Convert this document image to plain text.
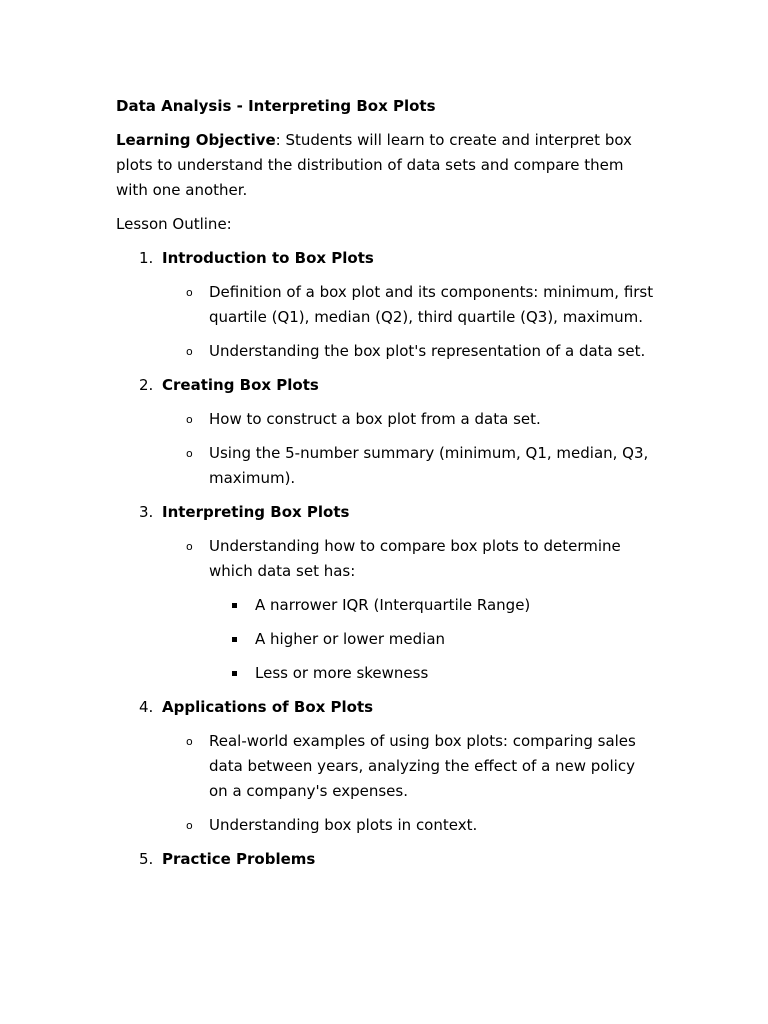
Data Analysis - Interpreting Box Plots
Learning Objective: Students will learn to create and interpret box plots to understand the distribution of data sets and compare them with one another.
Lesson Outline:
1. Introduction to Box Plots
o Definition of a box plot and its components: minimum, first quartile (Q1), median (Q2), third quartile (Q3), maximum.
o Understanding the box plot's representation of a data set.
2. Creating Box Plots
o How to construct a box plot from a data set.
o Using the 5-number summary (minimum, Q1, median, Q3, maximum).
3. Interpreting Box Plots
o Understanding how to compare box plots to determine which data set has:
A narrower IQR (Interquartile Range)
A higher or lower median
Less or more skewness
4. Applications of Box Plots
o Real-world examples of using box plots: comparing sales data between years, analyzing the effect of a new policy on a company's expenses.
o Understanding box plots in context.
5. Practice Problems
